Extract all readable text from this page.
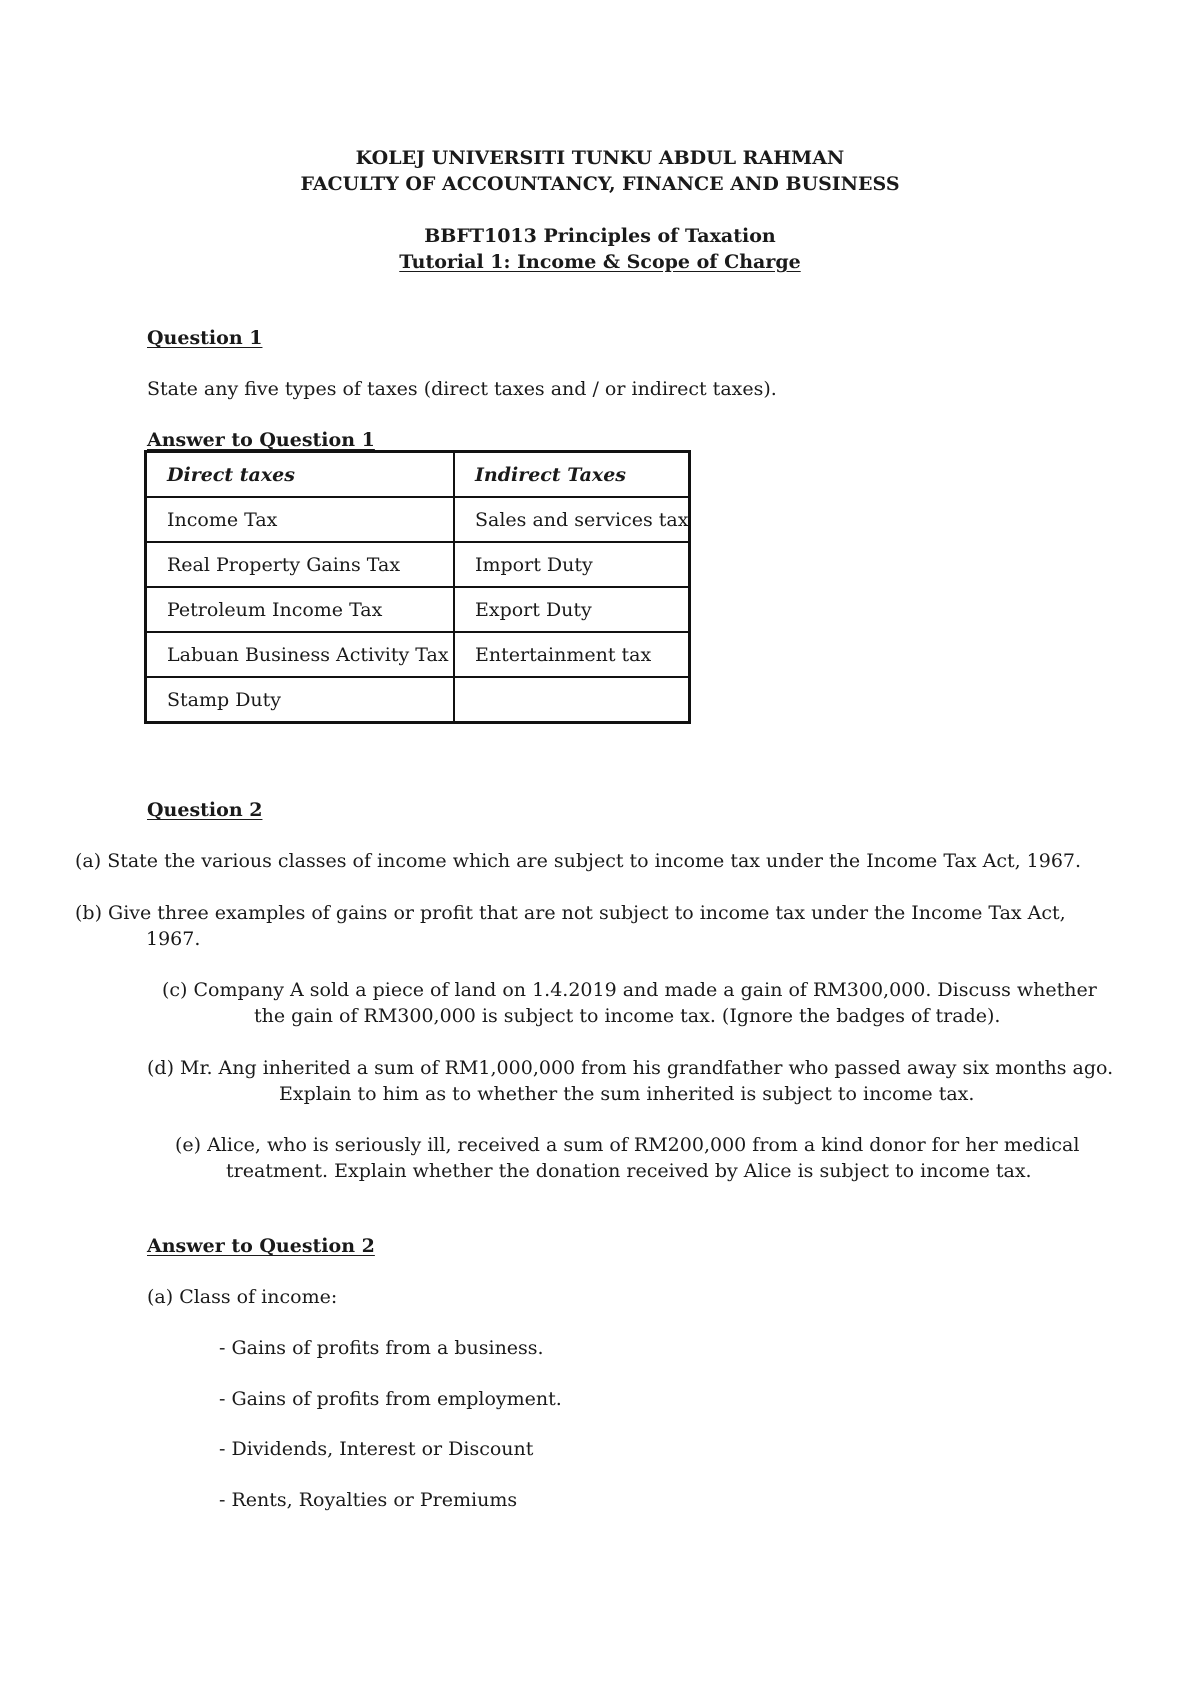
KOLEJ UNIVERSITI TUNKU ABDUL RAHMAN
FACULTY OF ACCOUNTANCY, FINANCE AND BUSINESS
BBFT1013 Principles of Taxation
Tutorial 1: Income & Scope of Charge
Question 1
State any five types of taxes (direct taxes and / or indirect taxes).
Answer to Question 1
Direct taxes	Indirect Taxes
Income Tax	Sales and services tax
Real Property Gains Tax	Import Duty
Petroleum Income Tax	Export Duty
Labuan Business Activity Tax	Entertainment tax
Stamp Duty	
Question 2
(a) State the various classes of income which are subject to income tax under the Income Tax Act, 1967.
(b) Give three examples of gains or profit that are not subject to income tax under the Income Tax Act,
1967.
(c) Company A sold a piece of land on 1.4.2019 and made a gain of RM300,000. Discuss whether
the gain of RM300,000 is subject to income tax. (Ignore the badges of trade).
(d) Mr. Ang inherited a sum of RM1,000,000 from his grandfather who passed away six months ago.
Explain to him as to whether the sum inherited is subject to income tax.
(e) Alice, who is seriously ill, received a sum of RM200,000 from a kind donor for her medical
treatment. Explain whether the donation received by Alice is subject to income tax.
Answer to Question 2
(a) Class of income:
- Gains of profits from a business.
- Gains of profits from employment.
- Dividends, Interest or Discount
- Rents, Royalties or Premiums
